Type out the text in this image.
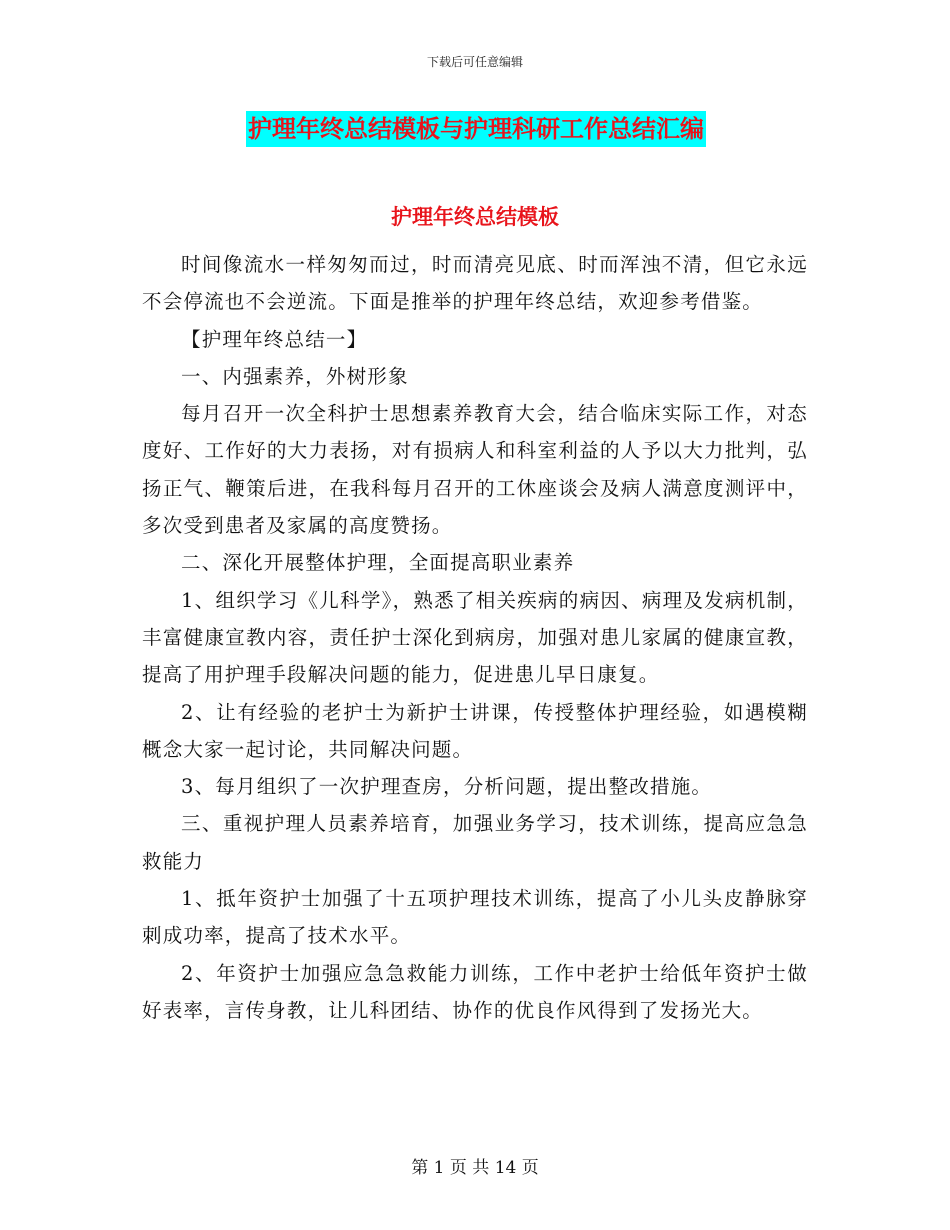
下载后可任意编辑
护理年终总结模板与护理科研工作总结汇编
护理年终总结模板

时间像流水一样匆匆而过，时而清亮见底、时而浑浊不清，但它永远不会停流也不会逆流。下面是推举的护理年终总结，欢迎参考借鉴。

【护理年终总结一】

一、内强素养，外树形象

每月召开一次全科护士思想素养教育大会，结合临床实际工作，对态度好、工作好的大力表扬，对有损病人和科室利益的人予以大力批判，弘扬正气、鞭策后进，在我科每月召开的工休座谈会及病人满意度测评中，多次受到患者及家属的高度赞扬。

二、深化开展整体护理，全面提高职业素养

1、组织学习《儿科学》，熟悉了相关疾病的病因、病理及发病机制，丰富健康宣教内容，责任护士深化到病房，加强对患儿家属的健康宣教，提高了用护理手段解决问题的能力，促进患儿早日康复。

2、让有经验的老护士为新护士讲课，传授整体护理经验，如遇模糊概念大家一起讨论，共同解决问题。

3、每月组织了一次护理查房，分析问题，提出整改措施。

三、重视护理人员素养培育，加强业务学习，技术训练，提高应急急救能力

1、抵年资护士加强了十五项护理技术训练，提高了小儿头皮静脉穿刺成功率，提高了技术水平。

2、年资护士加强应急急救能力训练，工作中老护士给低年资护士做好表率，言传身教，让儿科团结、协作的优良作风得到了发扬光大。

第 1 页 共 14 页
